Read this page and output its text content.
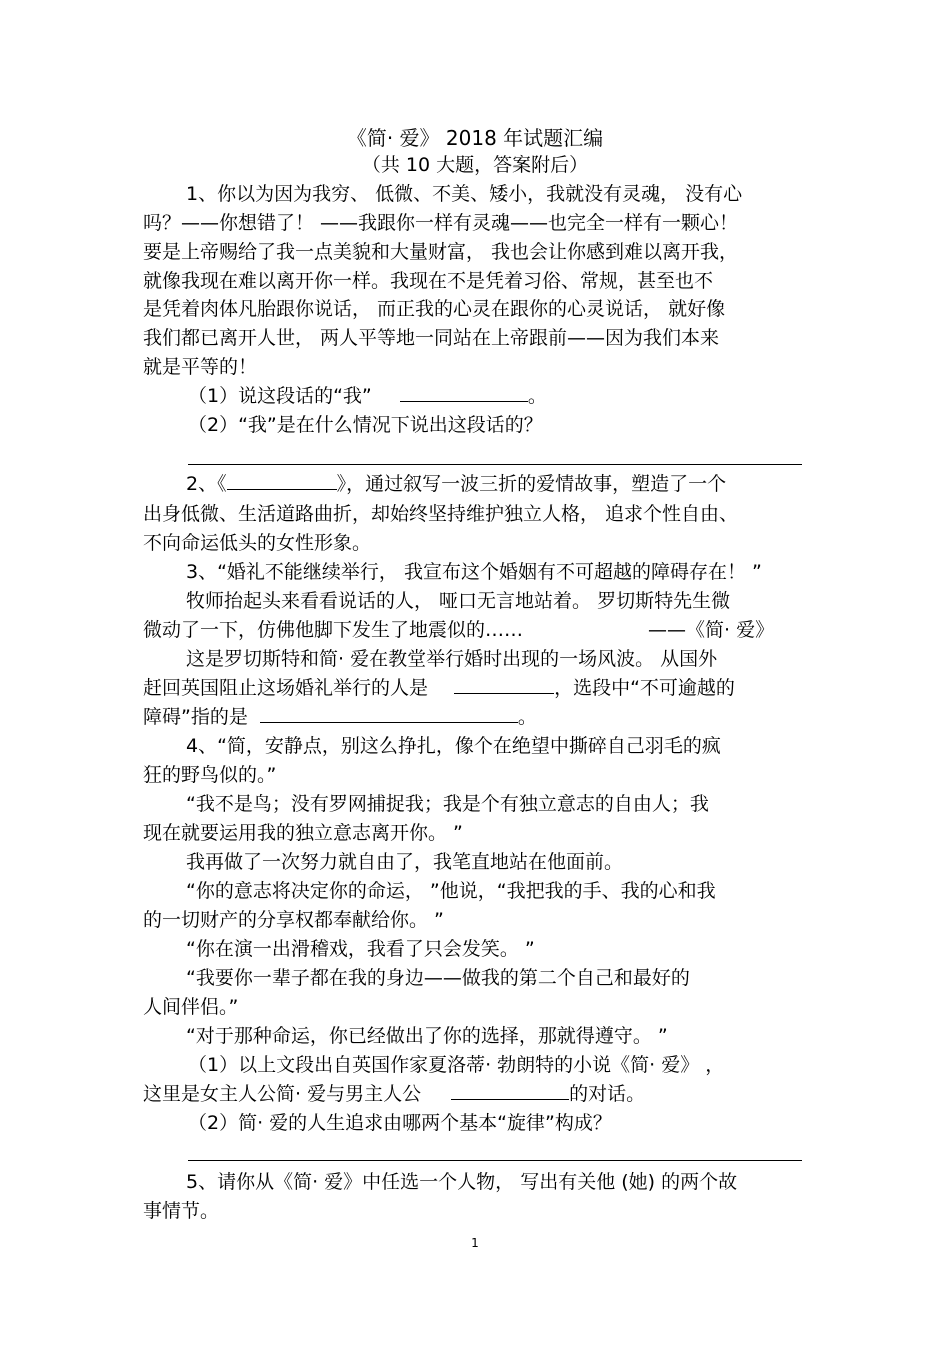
《简· 爱》 2018 年试题汇编
（共 10 大题，答案附后）
1、你以为因为我穷、 低微、不美、矮小，我就没有灵魂， 没有心
吗？——你想错了！ ——我跟你一样有灵魂——也完全一样有一颗心！
要是上帝赐给了我一点美貌和大量财富， 我也会让你感到难以离开我，
就像我现在难以离开你一样。我现在不是凭着习俗、常规，甚至也不
是凭着肉体凡胎跟你说话， 而正我的心灵在跟你的心灵说话， 就好像
我们都已离开人世， 两人平等地一同站在上帝跟前——因为我们本来
就是平等的！
（1）说这段话的“我”	。
（2）“我”是在什么情况下说出这段话的？
2、《	》，通过叙写一波三折的爱情故事，塑造了一个
出身低微、生活道路曲折，却始终坚持维护独立人格， 追求个性自由、
不向命运低头的女性形象。
3、“婚礼不能继续举行， 我宣布这个婚姻有不可超越的障碍存在！ ”
牧师抬起头来看看说话的人， 哑口无言地站着。 罗切斯特先生微
微动了一下，仿佛他脚下发生了地震似的……	——《简· 爱》
这是罗切斯特和简· 爱在教堂举行婚时出现的一场风波。 从国外
赶回英国阻止这场婚礼举行的人是	，选段中“不可逾越的
障碍”指的是	。
4、“简，安静点，别这么挣扎，像个在绝望中撕碎自己羽毛的疯
狂的野鸟似的。”
“我不是鸟；没有罗网捕捉我；我是个有独立意志的自由人；我
现在就要运用我的独立意志离开你。 ”
我再做了一次努力就自由了，我笔直地站在他面前。
“你的意志将决定你的命运， ”他说，“我把我的手、我的心和我
的一切财产的分享权都奉献给你。 ”
“你在演一出滑稽戏，我看了只会发笑。 ”
“我要你一辈子都在我的身边——做我的第二个自己和最好的
人间伴侣。”
“对于那种命运，你已经做出了你的选择，那就得遵守。 ”
（1）以上文段出自英国作家夏洛蒂· 勃朗特的小说《简· 爱》 ，
这里是女主人公简· 爱与男主人公	的对话。
（2）简· 爱的人生追求由哪两个基本“旋律”构成？
5、请你从《简· 爱》中任选一个人物， 写出有关他 (她) 的两个故
事情节。
1
